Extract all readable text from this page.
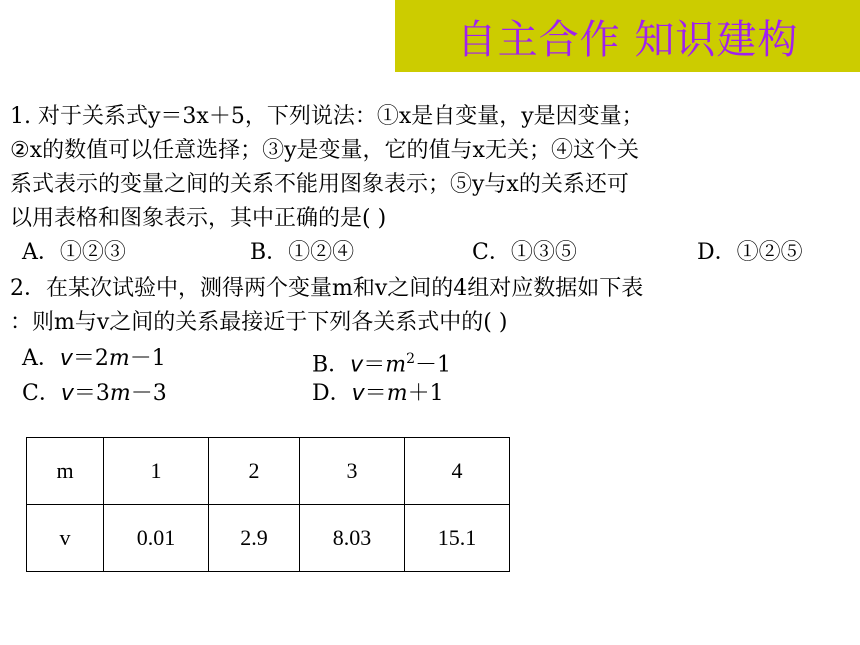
自主合作 知识建构
1. 对于关系式y＝3x＋5，下列说法：①x是自变量，y是因变量；
②x的数值可以任意选择；③y是变量，它的值与x无关；④这个关
系式表示的变量之间的关系不能用图象表示；⑤y与x的关系还可
以用表格和图象表示，其中正确的是( )
A．①②③	B．①②④	C．①③⑤	D．①②⑤
2．在某次试验中，测得两个变量m和v之间的4组对应数据如下表
：则m与v之间的关系最接近于下列各关系式中的( )
A．v＝2m－1	B．$v=m^2-1$
C．v＝3m－3	D．v＝m＋1
m	1	2	3	4
v	0.01	2.9	8.03	15.1
